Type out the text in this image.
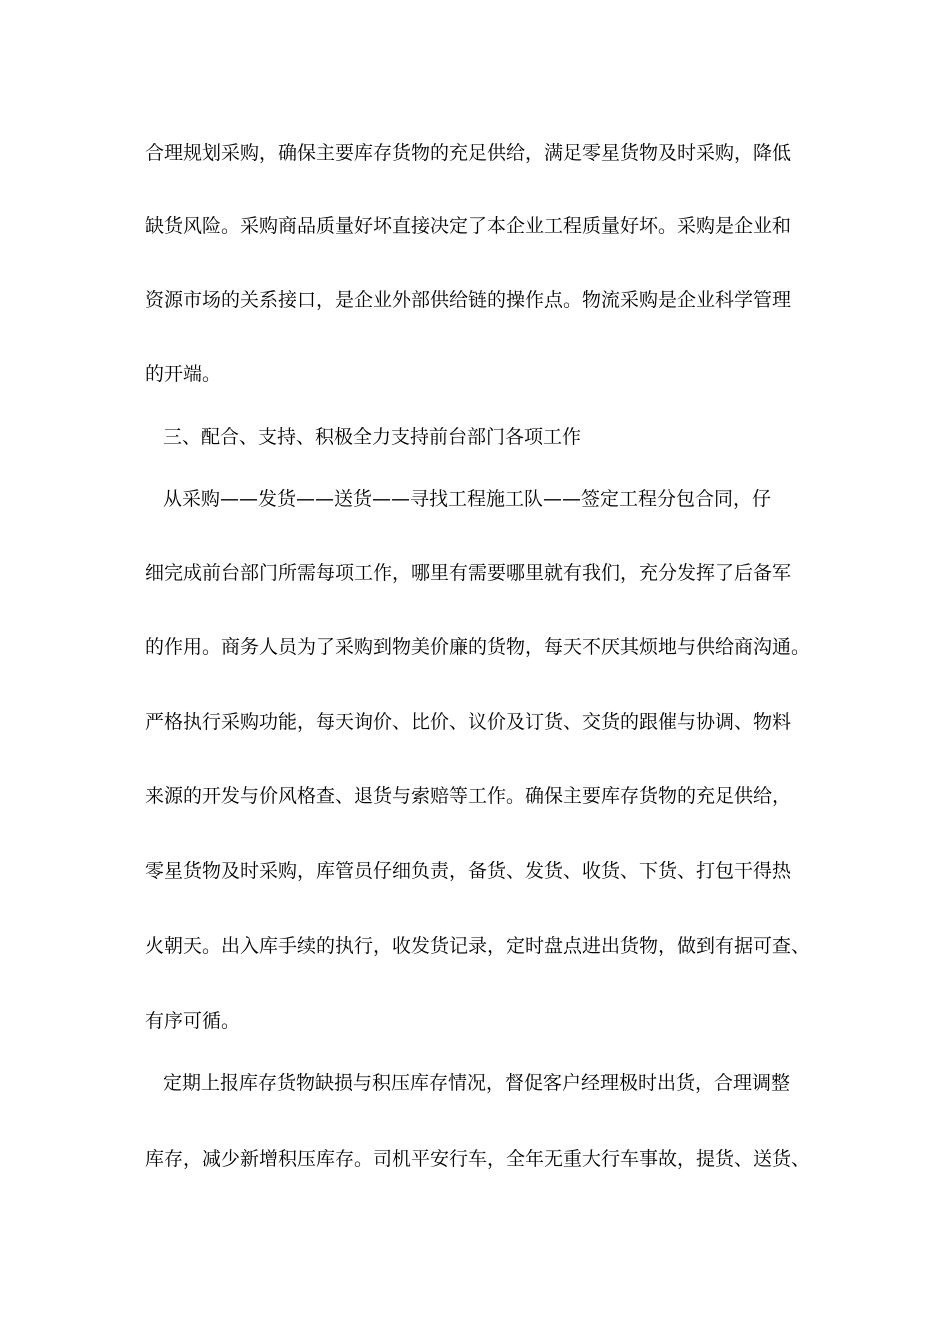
合理规划采购，确保主要库存货物的充足供给，满足零星货物及时采购，降低
缺货风险。采购商品质量好坏直接决定了本企业工程质量好坏。采购是企业和
资源市场的关系接口，是企业外部供给链的操作点。物流采购是企业科学管理
的开端。
三、配合、支持、积极全力支持前台部门各项工作
从采购——发货——送货——寻找工程施工队——签定工程分包合同，仔
细完成前台部门所需每项工作，哪里有需要哪里就有我们，充分发挥了后备军
的作用。商务人员为了采购到物美价廉的货物，每天不厌其烦地与供给商沟通。
严格执行采购功能，每天询价、比价、议价及订货、交货的跟催与协调、物料
来源的开发与价风格查、退货与索赔等工作。确保主要库存货物的充足供给，
零星货物及时采购，库管员仔细负责，备货、发货、收货、下货、打包干得热
火朝天。出入库手续的执行，收发货记录，定时盘点进出货物，做到有据可查、
有序可循。
定期上报库存货物缺损与积压库存情况，督促客户经理极时出货，合理调整
库存，减少新增积压库存。司机平安行车，全年无重大行车事故，提货、送货、
